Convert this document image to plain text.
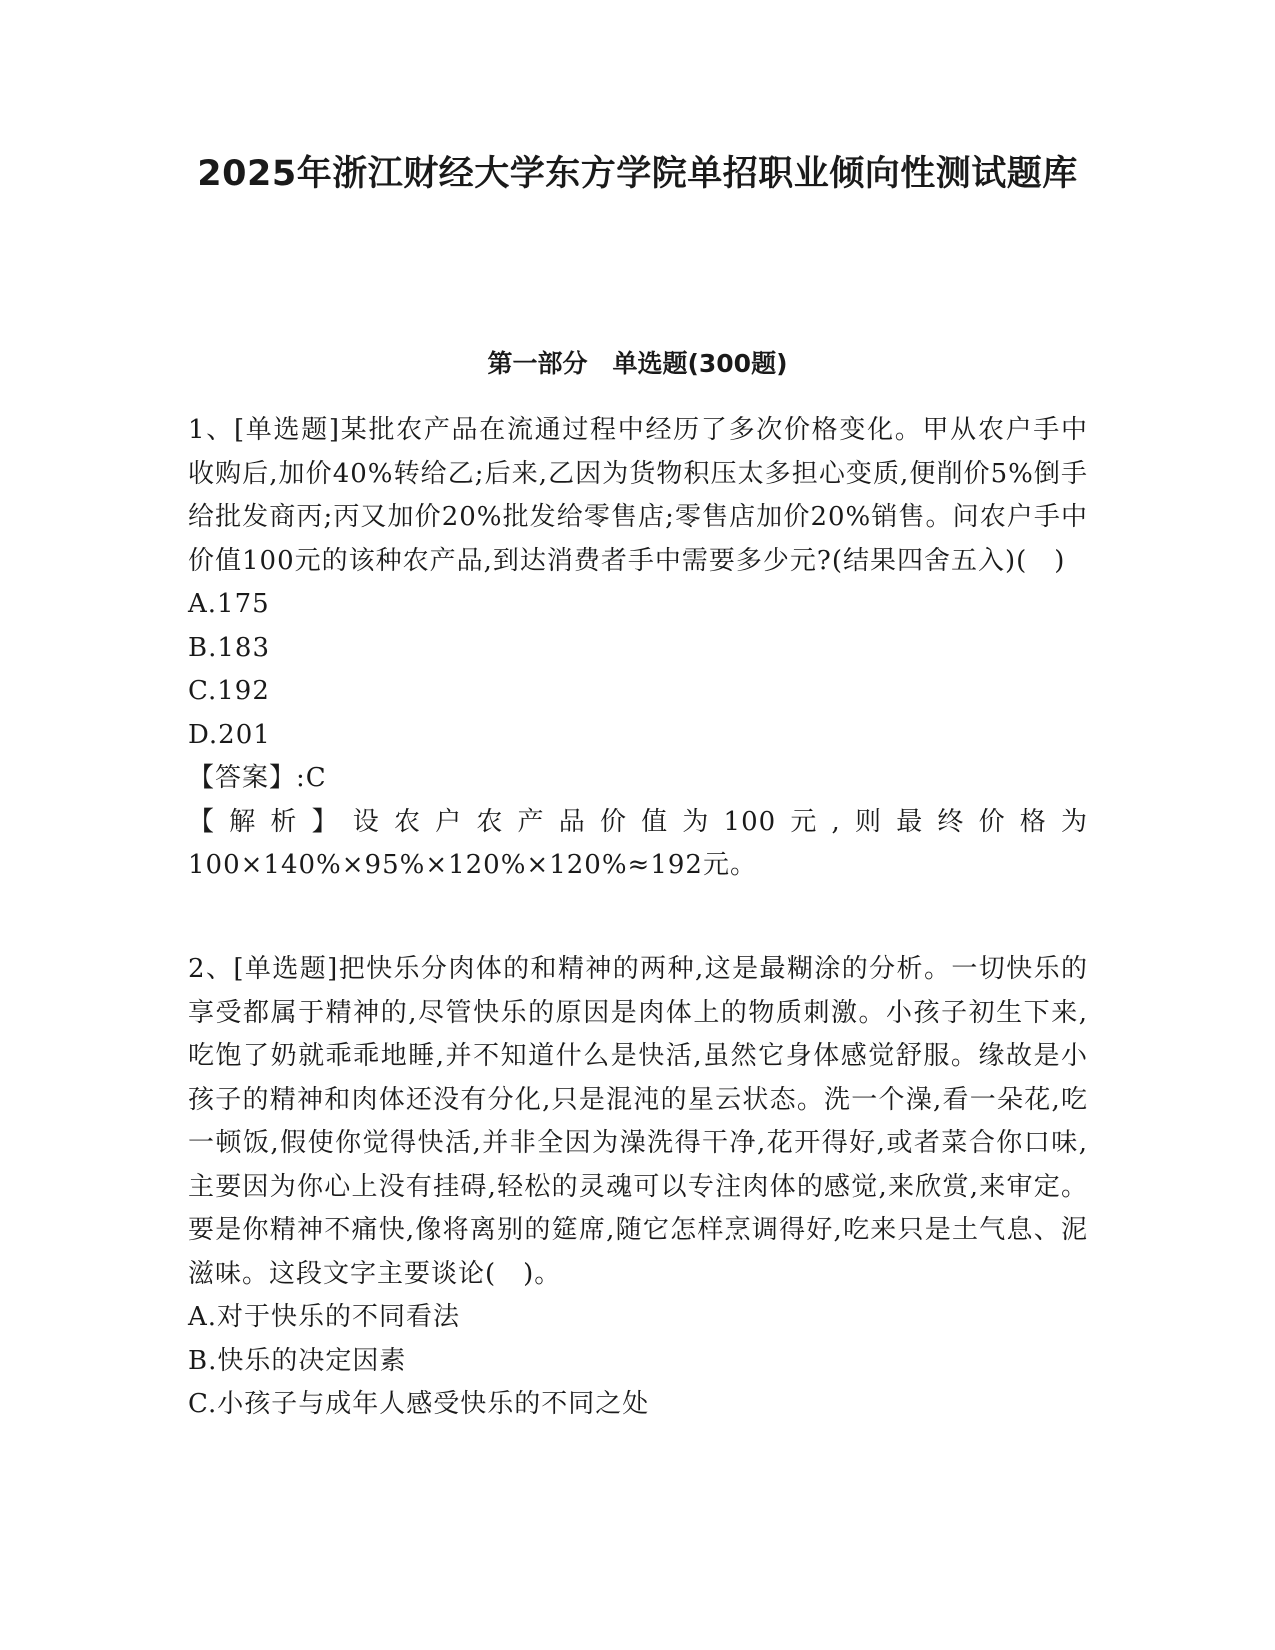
2025年浙江财经大学东方学院单招职业倾向性测试题库
第一部分　单选题(300题)

1、[单选题]某批农产品在流通过程中经历了多次价格变化。甲从农户手中收购后,加价40%转给乙;后来,乙因为货物积压太多担心变质,便削价5%倒手给批发商丙;丙又加价20%批发给零售店;零售店加价20%销售。问农户手中价值100元的该种农产品,到达消费者手中需要多少元?(结果四舍五入)(　)

A.175
B.183
C.192
D.201

【答案】:C

【解析】设农户农产品价值为100元,则最终价格为100×140%×95%×120%×120%≈192元。

2、[单选题]把快乐分肉体的和精神的两种,这是最糊涂的分析。一切快乐的享受都属于精神的,尽管快乐的原因是肉体上的物质刺激。小孩子初生下来,吃饱了奶就乖乖地睡,并不知道什么是快活,虽然它身体感觉舒服。缘故是小孩子的精神和肉体还没有分化,只是混沌的星云状态。洗一个澡,看一朵花,吃一顿饭,假使你觉得快活,并非全因为澡洗得干净,花开得好,或者菜合你口味,主要因为你心上没有挂碍,轻松的灵魂可以专注肉体的感觉,来欣赏,来审定。要是你精神不痛快,像将离别的筵席,随它怎样烹调得好,吃来只是土气息、泥滋味。这段文字主要谈论(　)。

A.对于快乐的不同看法
B.快乐的决定因素
C.小孩子与成年人感受快乐的不同之处
